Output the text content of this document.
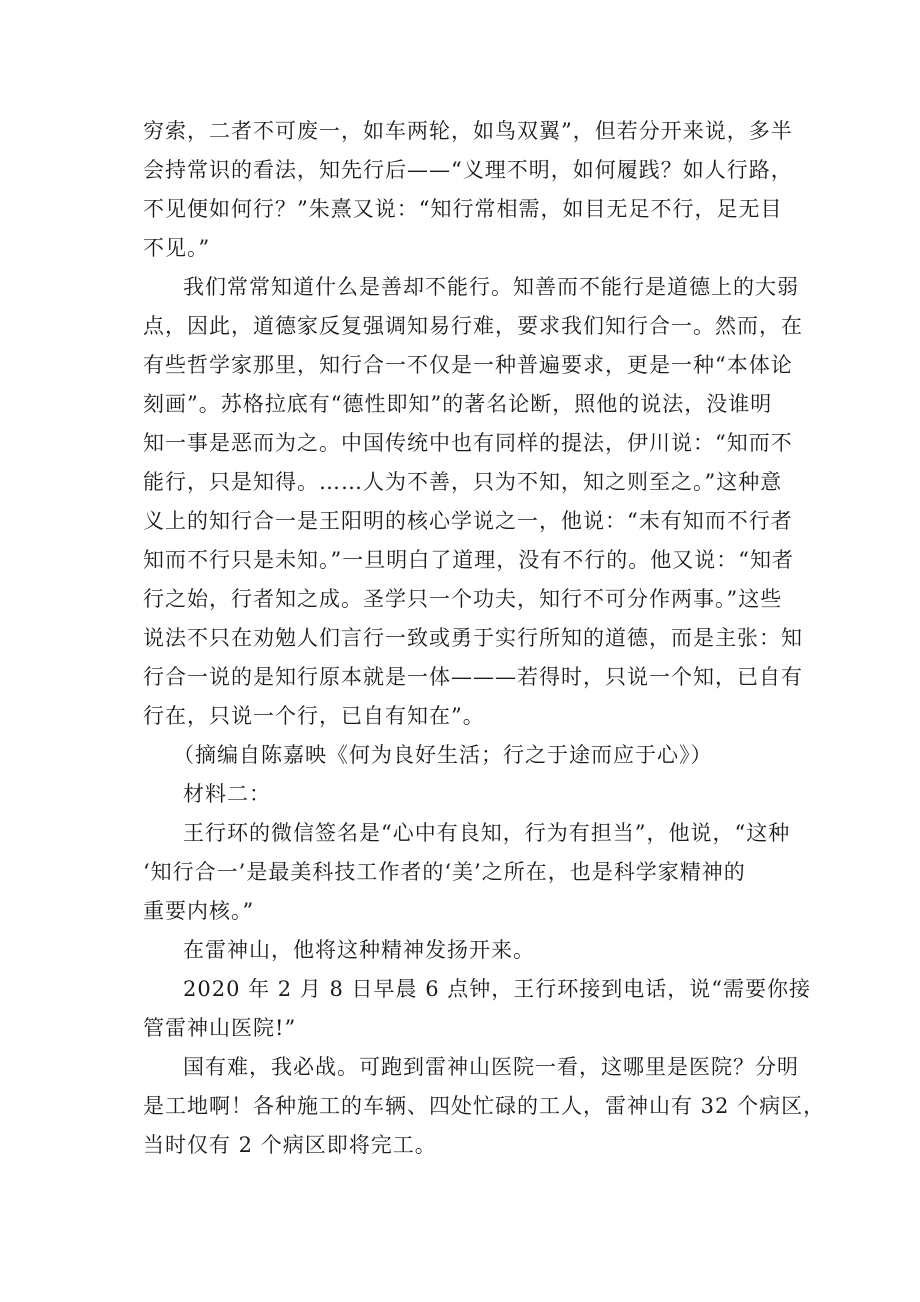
穷索，二者不可废一，如车两轮，如鸟双翼”，但若分开来说，多半
会持常识的看法，知先行后——“义理不明，如何履践？如人行路，
不见便如何行？”朱熹又说：“知行常相需，如目无足不行，足无目
不见。”
我们常常知道什么是善却不能行。知善而不能行是道德上的大弱
点，因此，道德家反复强调知易行难，要求我们知行合一。然而，在
有些哲学家那里，知行合一不仅是一种普遍要求，更是一种“本体论
刻画”。苏格拉底有“德性即知”的著名论断，照他的说法，没谁明
知一事是恶而为之。中国传统中也有同样的提法，伊川说：“知而不
能行，只是知得。……人为不善，只为不知，知之则至之。”这种意
义上的知行合一是王阳明的核心学说之一，他说：“未有知而不行者
知而不行只是未知。”一旦明白了道理，没有不行的。他又说：“知者
行之始，行者知之成。圣学只一个功夫，知行不可分作两事。”这些
说法不只在劝勉人们言行一致或勇于实行所知的道德，而是主张：知
行合一说的是知行原本就是一体———若得时，只说一个知，已自有
行在，只说一个行，已自有知在”。
（摘编自陈嘉映《何为良好生活；行之于途而应于心》）
材料二：
王行环的微信签名是“心中有良知，行为有担当”，他说，“这种
‘知行合一’是最美科技工作者的‘美’之所在，也是科学家精神的
重要内核。”
在雷神山，他将这种精神发扬开来。
2020 年 2 月 8 日早晨 6 点钟，王行环接到电话，说“需要你接
管雷神山医院!”
国有难，我必战。可跑到雷神山医院一看，这哪里是医院？分明
是工地啊！各种施工的车辆、四处忙碌的工人，雷神山有 32 个病区，
当时仅有 2 个病区即将完工。
